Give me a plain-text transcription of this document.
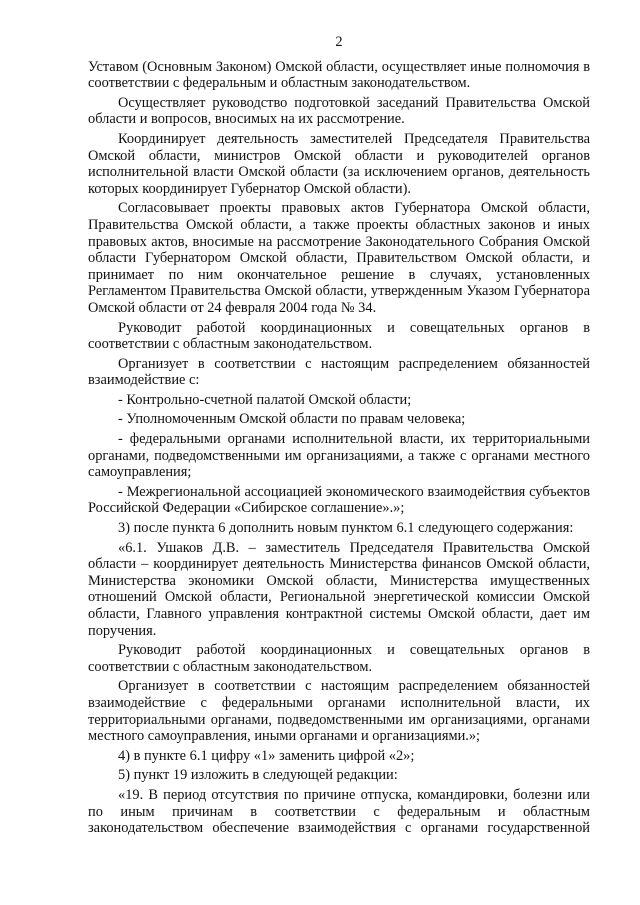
2

Уставом (Основным Законом) Омской области, осуществляет иные полномочия в соответствии с федеральным и областным законодательством.

Осуществляет руководство подготовкой заседаний Правительства Омской области и вопросов, вносимых на их рассмотрение.

Координирует деятельность заместителей Председателя Правительства Омской области, министров Омской области и руководителей органов исполнительной власти Омской области (за исключением органов, деятельность которых координирует Губернатор Омской области).

Согласовывает проекты правовых актов Губернатора Омской области, Правительства Омской области, а также проекты областных законов и иных правовых актов, вносимые на рассмотрение Законодательного Собрания Омской области Губернатором Омской области, Правительством Омской области, и принимает по ним окончательное решение в случаях, установленных Регламентом Правительства Омской области, утвержденным Указом Губернатора Омской области от 24 февраля 2004 года № 34.

Руководит работой координационных и совещательных органов в соответствии с областным законодательством.

Организует в соответствии с настоящим распределением обязанностей взаимодействие с:

- Контрольно-счетной палатой Омской области;

- Уполномоченным Омской области по правам человека;

- федеральными органами исполнительной власти, их территориальными органами, подведомственными им организациями, а также с органами местного самоуправления;

- Межрегиональной ассоциацией экономического взаимодействия субъектов Российской Федерации «Сибирское соглашение».»;

3) после пункта 6 дополнить новым пунктом 6.1 следующего содержания:

«6.1. Ушаков Д.В. – заместитель Председателя Правительства Омской области – координирует деятельность Министерства финансов Омской области, Министерства экономики Омской области, Министерства имущественных отношений Омской области, Региональной энергетической комиссии Омской области, Главного управления контрактной системы Омской области, дает им поручения.

Руководит работой координационных и совещательных органов в соответствии с областным законодательством.

Организует в соответствии с настоящим распределением обязанностей взаимодействие с федеральными органами исполнительной власти, их территориальными органами, подведомственными им организациями, органами местного самоуправления, иными органами и организациями.»;

4) в пункте 6.1 цифру «1» заменить цифрой «2»;

5) пункт 19 изложить в следующей редакции:

«19. В период отсутствия по причине отпуска, командировки, болезни или по иным причинам в соответствии с федеральным и областным законодательством обеспечение взаимодействия с органами государственной
